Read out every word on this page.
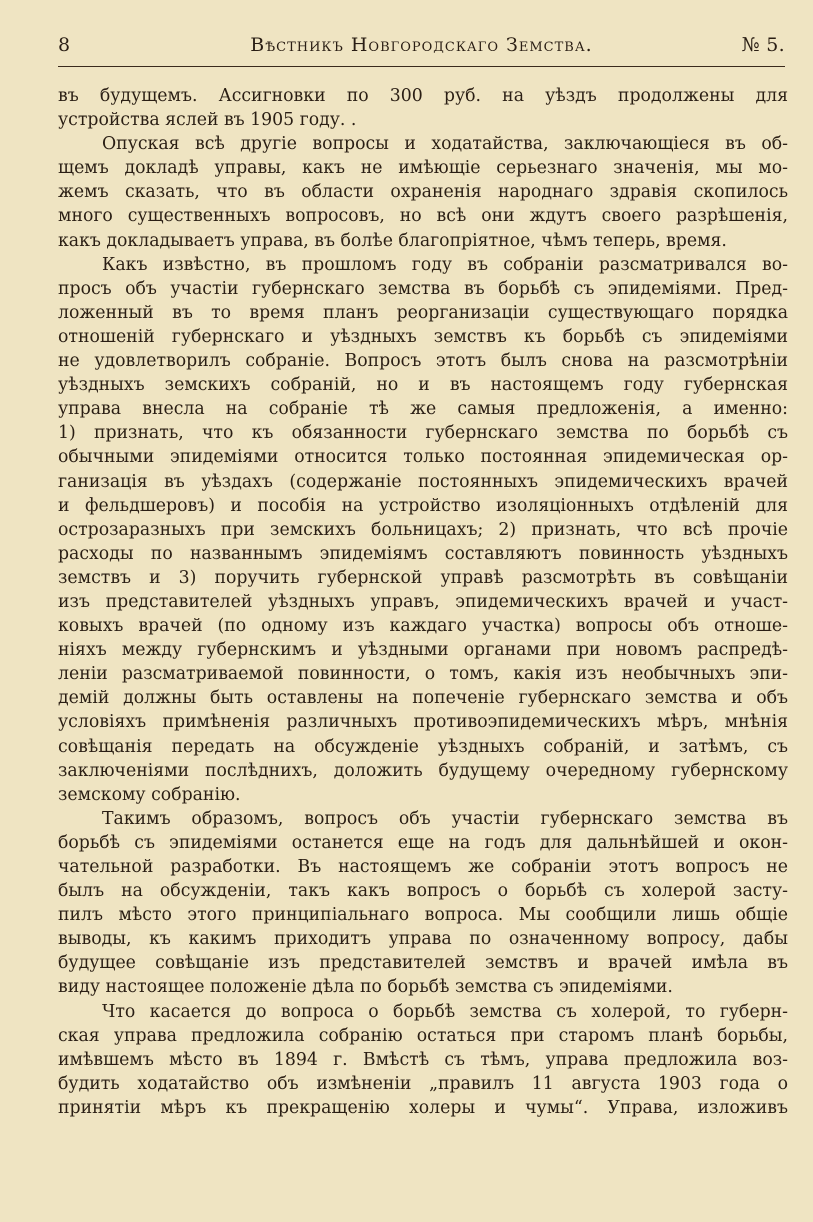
8	Вѣстникъ Новгородскаго Земства.	№ 5.
въ будущемъ. Ассигновки по 300 руб. на уѣздъ продолжены для
устройства яслей въ 1905 году. .
Опуская всѣ другіе вопросы и ходатайства, заключающіеся въ об-
щемъ докладѣ управы, какъ не имѣющіе серьезнаго значенія, мы мо-
жемъ сказать, что въ области охраненія народнаго здравія скопилось
много существенныхъ вопросовъ, но всѣ они ждутъ своего разрѣшенія,
какъ докладываетъ управа, въ болѣе благопріятное, чѣмъ теперь, время.
Какъ извѣстно, въ прошломъ году въ собраніи разсматривался во-
просъ объ участіи губернскаго земства въ борьбѣ съ эпидеміями. Пред-
ложенный въ то время планъ реорганизаціи существующаго порядка
отношеній губернскаго и уѣздныхъ земствъ къ борьбѣ съ эпидеміями
не удовлетворилъ собраніе. Вопросъ этотъ былъ снова на разсмотрѣніи
уѣздныхъ земскихъ собраній, но и въ настоящемъ году губернская
управа внесла на собраніе тѣ же самыя предложенія, а именно:
1) признать, что къ обязанности губернскаго земства по борьбѣ съ
обычными эпидеміями относится только постоянная эпидемическая ор-
ганизація въ уѣздахъ (содержаніе постоянныхъ эпидемическихъ врачей
и фельдшеровъ) и пособія на устройство изоляціонныхъ отдѣленій для
острозаразныхъ при земскихъ больницахъ; 2) признать, что всѣ прочіе
расходы по названнымъ эпидеміямъ составляютъ повинность уѣздныхъ
земствъ и 3) поручить губернской управѣ разсмотрѣть въ совѣщаніи
изъ представителей уѣздныхъ управъ, эпидемическихъ врачей и участ-
ковыхъ врачей (по одному изъ каждаго участка) вопросы объ отноше-
ніяхъ между губернскимъ и уѣздными органами при новомъ распредѣ-
леніи разсматриваемой повинности, о томъ, какія изъ необычныхъ эпи-
демій должны быть оставлены на попеченіе губернскаго земства и объ
условіяхъ примѣненія различныхъ противоэпидемическихъ мѣръ, мнѣнія
совѣщанія передать на обсужденіе уѣздныхъ собраній, и затѣмъ, съ
заключеніями послѣднихъ, доложить будущему очередному губернскому
земскому собранію.
Такимъ образомъ, вопросъ объ участіи губернскаго земства въ
борьбѣ съ эпидеміями останется еще на годъ для дальнѣйшей и окон-
чательной разработки. Въ настоящемъ же собраніи этотъ вопросъ не
былъ на обсужденіи, такъ какъ вопросъ о борьбѣ съ холерой засту-
пилъ мѣсто этого принципіальнаго вопроса. Мы сообщили лишь общіе
выводы, къ какимъ приходитъ управа по означенному вопросу, дабы
будущее совѣщаніе изъ представителей земствъ и врачей имѣла въ
виду настоящее положеніе дѣла по борьбѣ земства съ эпидеміями.
Что касается до вопроса о борьбѣ земства съ холерой, то губерн-
ская управа предложила собранію остаться при старомъ планѣ борьбы,
имѣвшемъ мѣсто въ 1894 г. Вмѣстѣ съ тѣмъ, управа предложила воз-
будить ходатайство объ измѣненіи „правилъ 11 августа 1903 года о
принятіи мѣръ къ прекращенію холеры и чумы“. Управа, изложивъ
